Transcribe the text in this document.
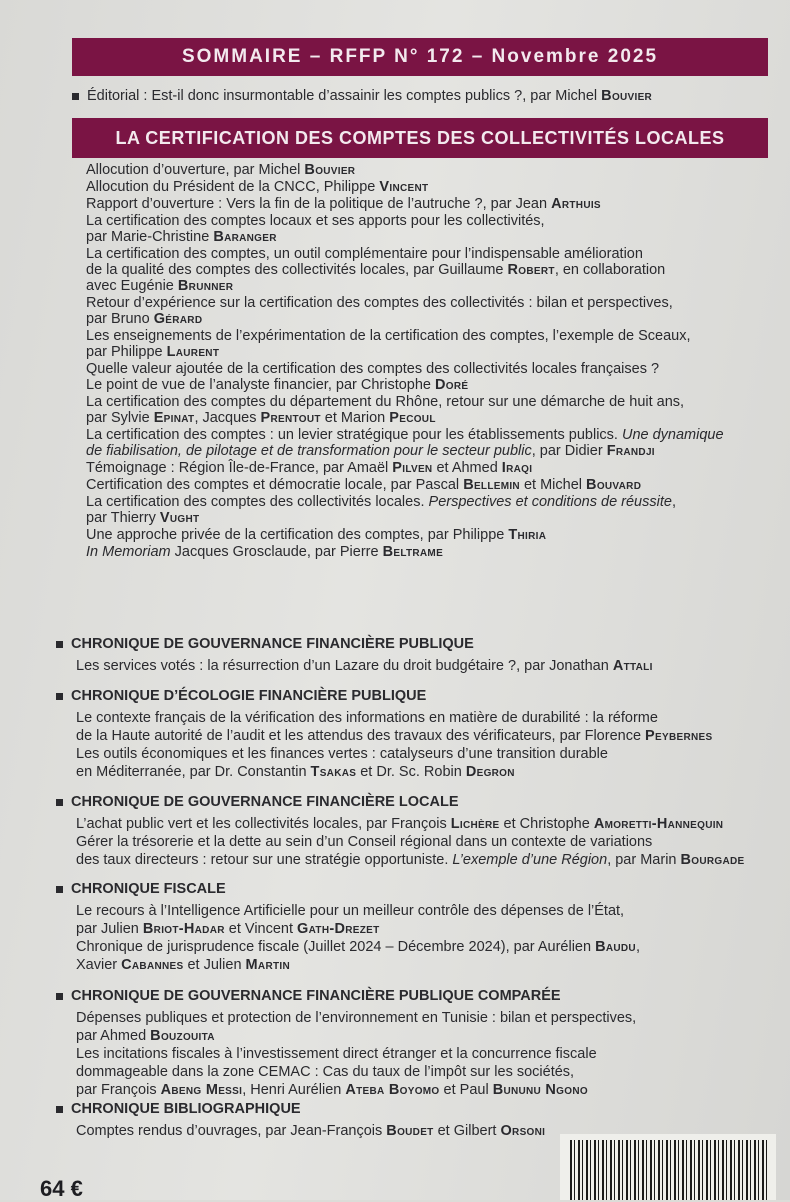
SOMMAIRE – RFFP N° 172 – Novembre 2025
Éditorial : Est-il donc insurmontable d’assainir les comptes publics ?, par Michel Bouvier
LA CERTIFICATION DES COMPTES DES COLLECTIVITÉS LOCALES
Allocution d’ouverture, par Michel Bouvier
Allocution du Président de la CNCC, Philippe Vincent
Rapport d’ouverture : Vers la fin de la politique de l’autruche ?, par Jean Arthuis
La certification des comptes locaux et ses apports pour les collectivités,
par Marie-Christine Baranger
La certification des comptes, un outil complémentaire pour l’indispensable amélioration
de la qualité des comptes des collectivités locales, par Guillaume Robert, en collaboration
avec Eugénie Brunner
Retour d’expérience sur la certification des comptes des collectivités : bilan et perspectives,
par Bruno Gérard
Les enseignements de l’expérimentation de la certification des comptes, l’exemple de Sceaux,
par Philippe Laurent
Quelle valeur ajoutée de la certification des comptes des collectivités locales françaises ?
Le point de vue de l’analyste financier, par Christophe Doré
La certification des comptes du département du Rhône, retour sur une démarche de huit ans,
par Sylvie Epinat, Jacques Prentout et Marion Pecoul
La certification des comptes : un levier stratégique pour les établissements publics. Une dynamique
de fiabilisation, de pilotage et de transformation pour le secteur public, par Didier Frandji
Témoignage : Région Île-de-France, par Amaël Pilven et Ahmed Iraqi
Certification des comptes et démocratie locale, par Pascal Bellemin et Michel Bouvard
La certification des comptes des collectivités locales. Perspectives et conditions de réussite,
par Thierry Vught
Une approche privée de la certification des comptes, par Philippe Thiria
In Memoriam Jacques Grosclaude, par Pierre Beltrame
CHRONIQUE DE GOUVERNANCE FINANCIÈRE PUBLIQUE
Les services votés : la résurrection d’un Lazare du droit budgétaire ?, par Jonathan Attali
CHRONIQUE D’ÉCOLOGIE FINANCIÈRE PUBLIQUE
Le contexte français de la vérification des informations en matière de durabilité : la réforme
de la Haute autorité de l’audit et les attendus des travaux des vérificateurs, par Florence Peybernes
Les outils économiques et les finances vertes : catalyseurs d’une transition durable
en Méditerranée, par Dr. Constantin Tsakas et Dr. Sc. Robin Degron
CHRONIQUE DE GOUVERNANCE FINANCIÈRE LOCALE
L’achat public vert et les collectivités locales, par François Lichère et Christophe Amoretti-Hannequin
Gérer la trésorerie et la dette au sein d’un Conseil régional dans un contexte de variations
des taux directeurs : retour sur une stratégie opportuniste. L’exemple d’une Région, par Marin Bourgade
CHRONIQUE FISCALE
Le recours à l’Intelligence Artificielle pour un meilleur contrôle des dépenses de l’État,
par Julien Briot-Hadar et Vincent Gath-Drezet
Chronique de jurisprudence fiscale (Juillet 2024 – Décembre 2024), par Aurélien Baudu,
Xavier Cabannes et Julien Martin
CHRONIQUE DE GOUVERNANCE FINANCIÈRE PUBLIQUE COMPARÉE
Dépenses publiques et protection de l’environnement en Tunisie : bilan et perspectives,
par Ahmed Bouzouita
Les incitations fiscales à l’investissement direct étranger et la concurrence fiscale
dommageable dans la zone CEMAC : Cas du taux de l’impôt sur les sociétés,
par François Abeng Messi, Henri Aurélien Ateba Boyomo et Paul Bununu Ngono
CHRONIQUE BIBLIOGRAPHIQUE
Comptes rendus d’ouvrages, par Jean-François Boudet et Gilbert Orsoni
64 €
